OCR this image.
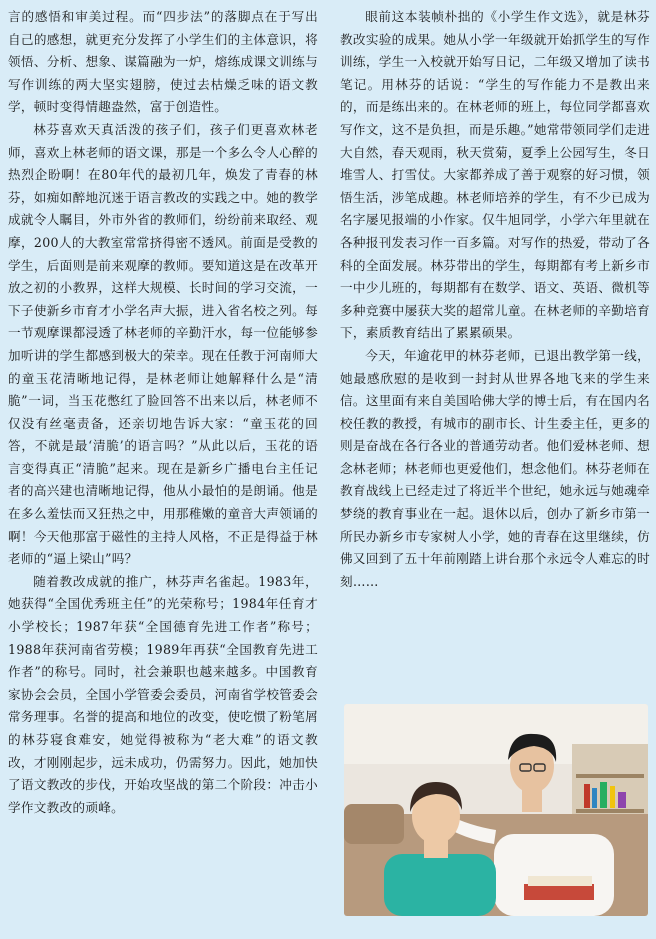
言的感悟和审美过程。而“四步法”的落脚点在于写出自己的感想，就更充分发挥了小学生们的主体意识，将领悟、分析、想象、谋篇融为一炉，熔练成课文训练与写作训练的两大坚实翅膀，使过去枯燥乏味的语文教学，顿时变得情趣盎然，富于创造性。

林芬喜欢天真活泼的孩子们，孩子们更喜欢林老师，喜欢上林老师的语文课，那是一个多么令人心醉的热烈企盼啊！在80年代的最初几年，焕发了青春的林芬，如痴如醉地沉迷于语言教改的实践之中。她的教学成就令人瞩目，外市外省的教师们，纷纷前来取经、观摩，200人的大教室常常挤得密不透风。前面是受教的学生，后面则是前来观摩的教师。要知道这是在改革开放之初的小教界，这样大规模、长时间的学习交流，一下子使新乡市育才小学名声大振，进入省名校之列。每一节观摩课都浸透了林老师的辛勤汗水，每一位能够参加听讲的学生都感到极大的荣幸。现在任教于河南师大的童玉花清晰地记得，是林老师让她解释什么是“清脆”一词，当玉花憋红了脸回答不出来以后，林老师不仅没有丝毫责备，还亲切地告诉大家：“童玉花的回答，不就是最‘清脆’的语言吗？”从此以后，玉花的语言变得真正“清脆”起来。现在是新乡广播电台主任记者的高兴建也清晰地记得，他从小最怕的是朗诵。他是在多么羞怯而又狂热之中，用那稚嫩的童音大声领诵的啊！今天他那富于磁性的主持人风格，不正是得益于林老师的“逼上梁山”吗？

随着教改成就的推广，林芬声名雀起。1983年，她获得“全国优秀班主任”的光荣称号；1984年任育才小学校长；1987年获“全国德育先进工作者”称号；1988年获河南省劳模；1989年再获“全国教育先进工作者”的称号。同时，社会兼职也越来越多。中国教育家协会会员，全国小学管委会委员，河南省学校管委会常务理事。名誉的提高和地位的改变，使吃惯了粉笔屑的林芬寝食难安，她觉得被称为“老大难”的语文教改，才刚刚起步，远未成功，仍需努力。因此，她加快了语文教改的步伐，开始攻坚战的第二个阶段：冲击小学作文教改的顽峰。

眼前这本装帧朴拙的《小学生作文选》，就是林芬教改实验的成果。她从小学一年级就开始抓学生的写作训练，学生一入校就开始写日记，二年级又增加了读书笔记。用林芬的话说：“学生的写作能力不是教出来的，而是练出来的。在林老师的班上，每位同学都喜欢写作文，这不是负担，而是乐趣。”她常带领同学们走进大自然，春天观雨，秋天赏菊，夏季上公园写生，冬日堆雪人、打雪仗。大家都养成了善于观察的好习惯，领悟生活，涉笔成趣。林老师培养的学生，有不少已成为名字屡见报端的小作家。仅牛旭同学，小学六年里就在各种报刊发表习作一百多篇。对写作的热爱，带动了各科的全面发展。林芬带出的学生，每期都有考上新乡市一中少儿班的，每期都有在数学、语文、英语、微机等多种竞赛中屡获大奖的超常儿童。在林老师的辛勤培育下，素质教育结出了累累硕果。

今天，年逾花甲的林芬老师，已退出教学第一线，她最感欣慰的是收到一封封从世界各地飞来的学生来信。这里面有来自美国哈佛大学的博士后，有在国内名校任教的教授，有城市的副市长、计生委主任，更多的则是奋战在各行各业的普通劳动者。他们爱林老师、想念林老师；林老师也更爱他们，想念他们。林芬老师在教育战线上已经走过了将近半个世纪，她永远与她魂牵梦绕的教育事业在一起。退休以后，创办了新乡市第一所民办新乡市专家树人小学，她的青春在这里继续，仿佛又回到了五十年前刚踏上讲台那个永远令人难忘的时刻……
